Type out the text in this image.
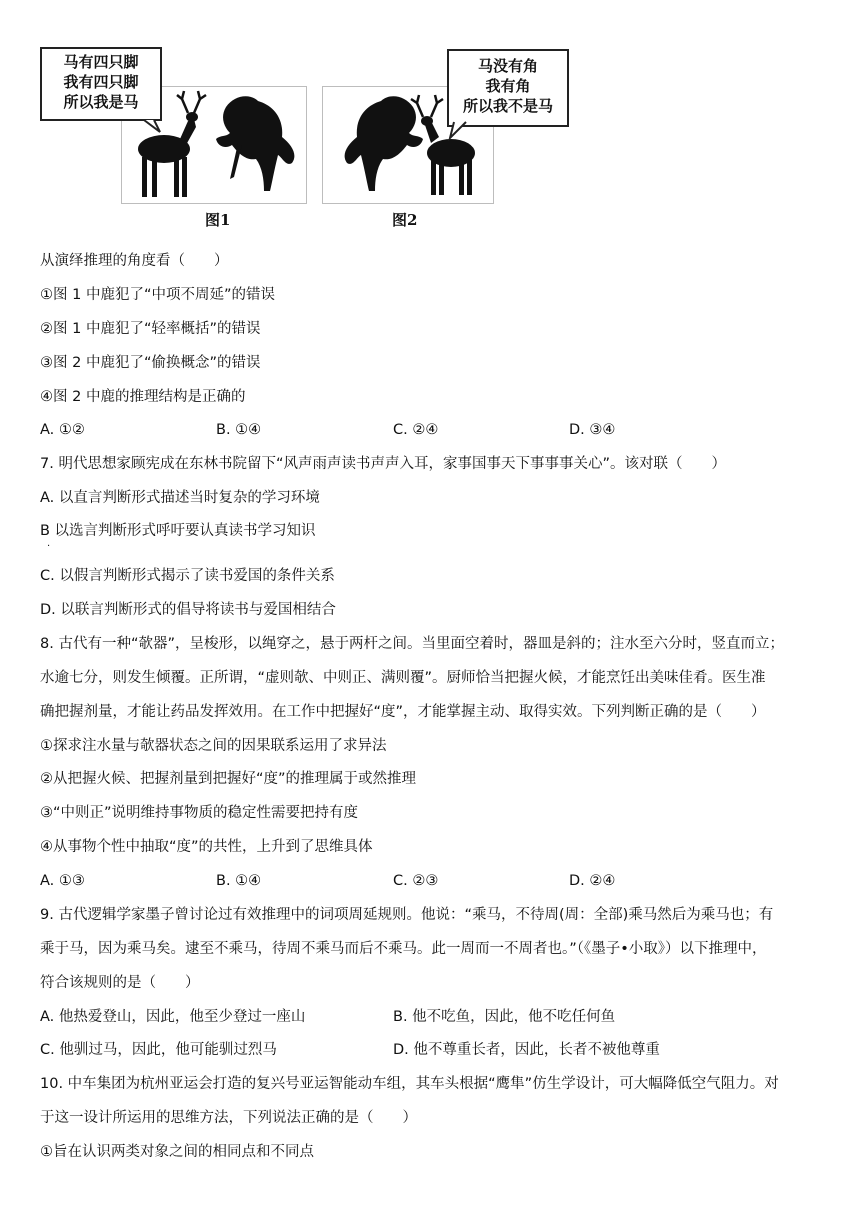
马有四只脚
我有四只脚
所以我是马
图1
马没有角
我有角
所以我不是马
图2
从演绎推理的角度看（　　）
①图 1 中鹿犯了“中项不周延”的错误
②图 1 中鹿犯了“轻率概括”的错误
③图 2 中鹿犯了“偷换概念”的错误
④图 2 中鹿的推理结构是正确的
A. ①②	B. ①④	C. ②④	D. ③④
7. 明代思想家顾宪成在东林书院留下“风声雨声读书声声入耳，家事国事天下事事事关心”。该对联（　　）
A. 以直言判断形式描述当时复杂的学习环境
B 以选言判断形式呼吁要认真读书学习知识
.
C. 以假言判断形式揭示了读书爱国的条件关系
D. 以联言判断形式的倡导将读书与爱国相结合
8. 古代有一种“欹器”，呈梭形，以绳穿之，悬于两杆之间。当里面空着时，器皿是斜的；注水至六分时，竖直而立；
水逾七分，则发生倾覆。正所谓，“虚则欹、中则正、满则覆”。厨师恰当把握火候，才能烹饪出美味佳肴。医生准
确把握剂量，才能让药品发挥效用。在工作中把握好“度”，才能掌握主动、取得实效。下列判断正确的是（　　）
①探求注水量与欹器状态之间的因果联系运用了求异法
②从把握火候、把握剂量到把握好“度”的推理属于或然推理
③“中则正”说明维持事物质的稳定性需要把持有度
④从事物个性中抽取“度”的共性，上升到了思维具体
A. ①③	B. ①④	C. ②③	D. ②④
9. 古代逻辑学家墨子曾讨论过有效推理中的词项周延规则。他说：“乘马，不待周(周：全部)乘马然后为乘马也；有
乘于马，因为乘马矣。逮至不乘马，待周不乘马而后不乘马。此一周而一不周者也。”（《墨子•小取》）以下推理中，
符合该规则的是（　　）
A. 他热爱登山，因此，他至少登过一座山	B. 他不吃鱼，因此，他不吃任何鱼
C. 他驯过马，因此，他可能驯过烈马	D. 他不尊重长者，因此，长者不被他尊重
10. 中车集团为杭州亚运会打造的复兴号亚运智能动车组，其车头根据“鹰隼”仿生学设计，可大幅降低空气阻力。对
于这一设计所运用的思维方法，下列说法正确的是（　　）
①旨在认识两类对象之间的相同点和不同点
